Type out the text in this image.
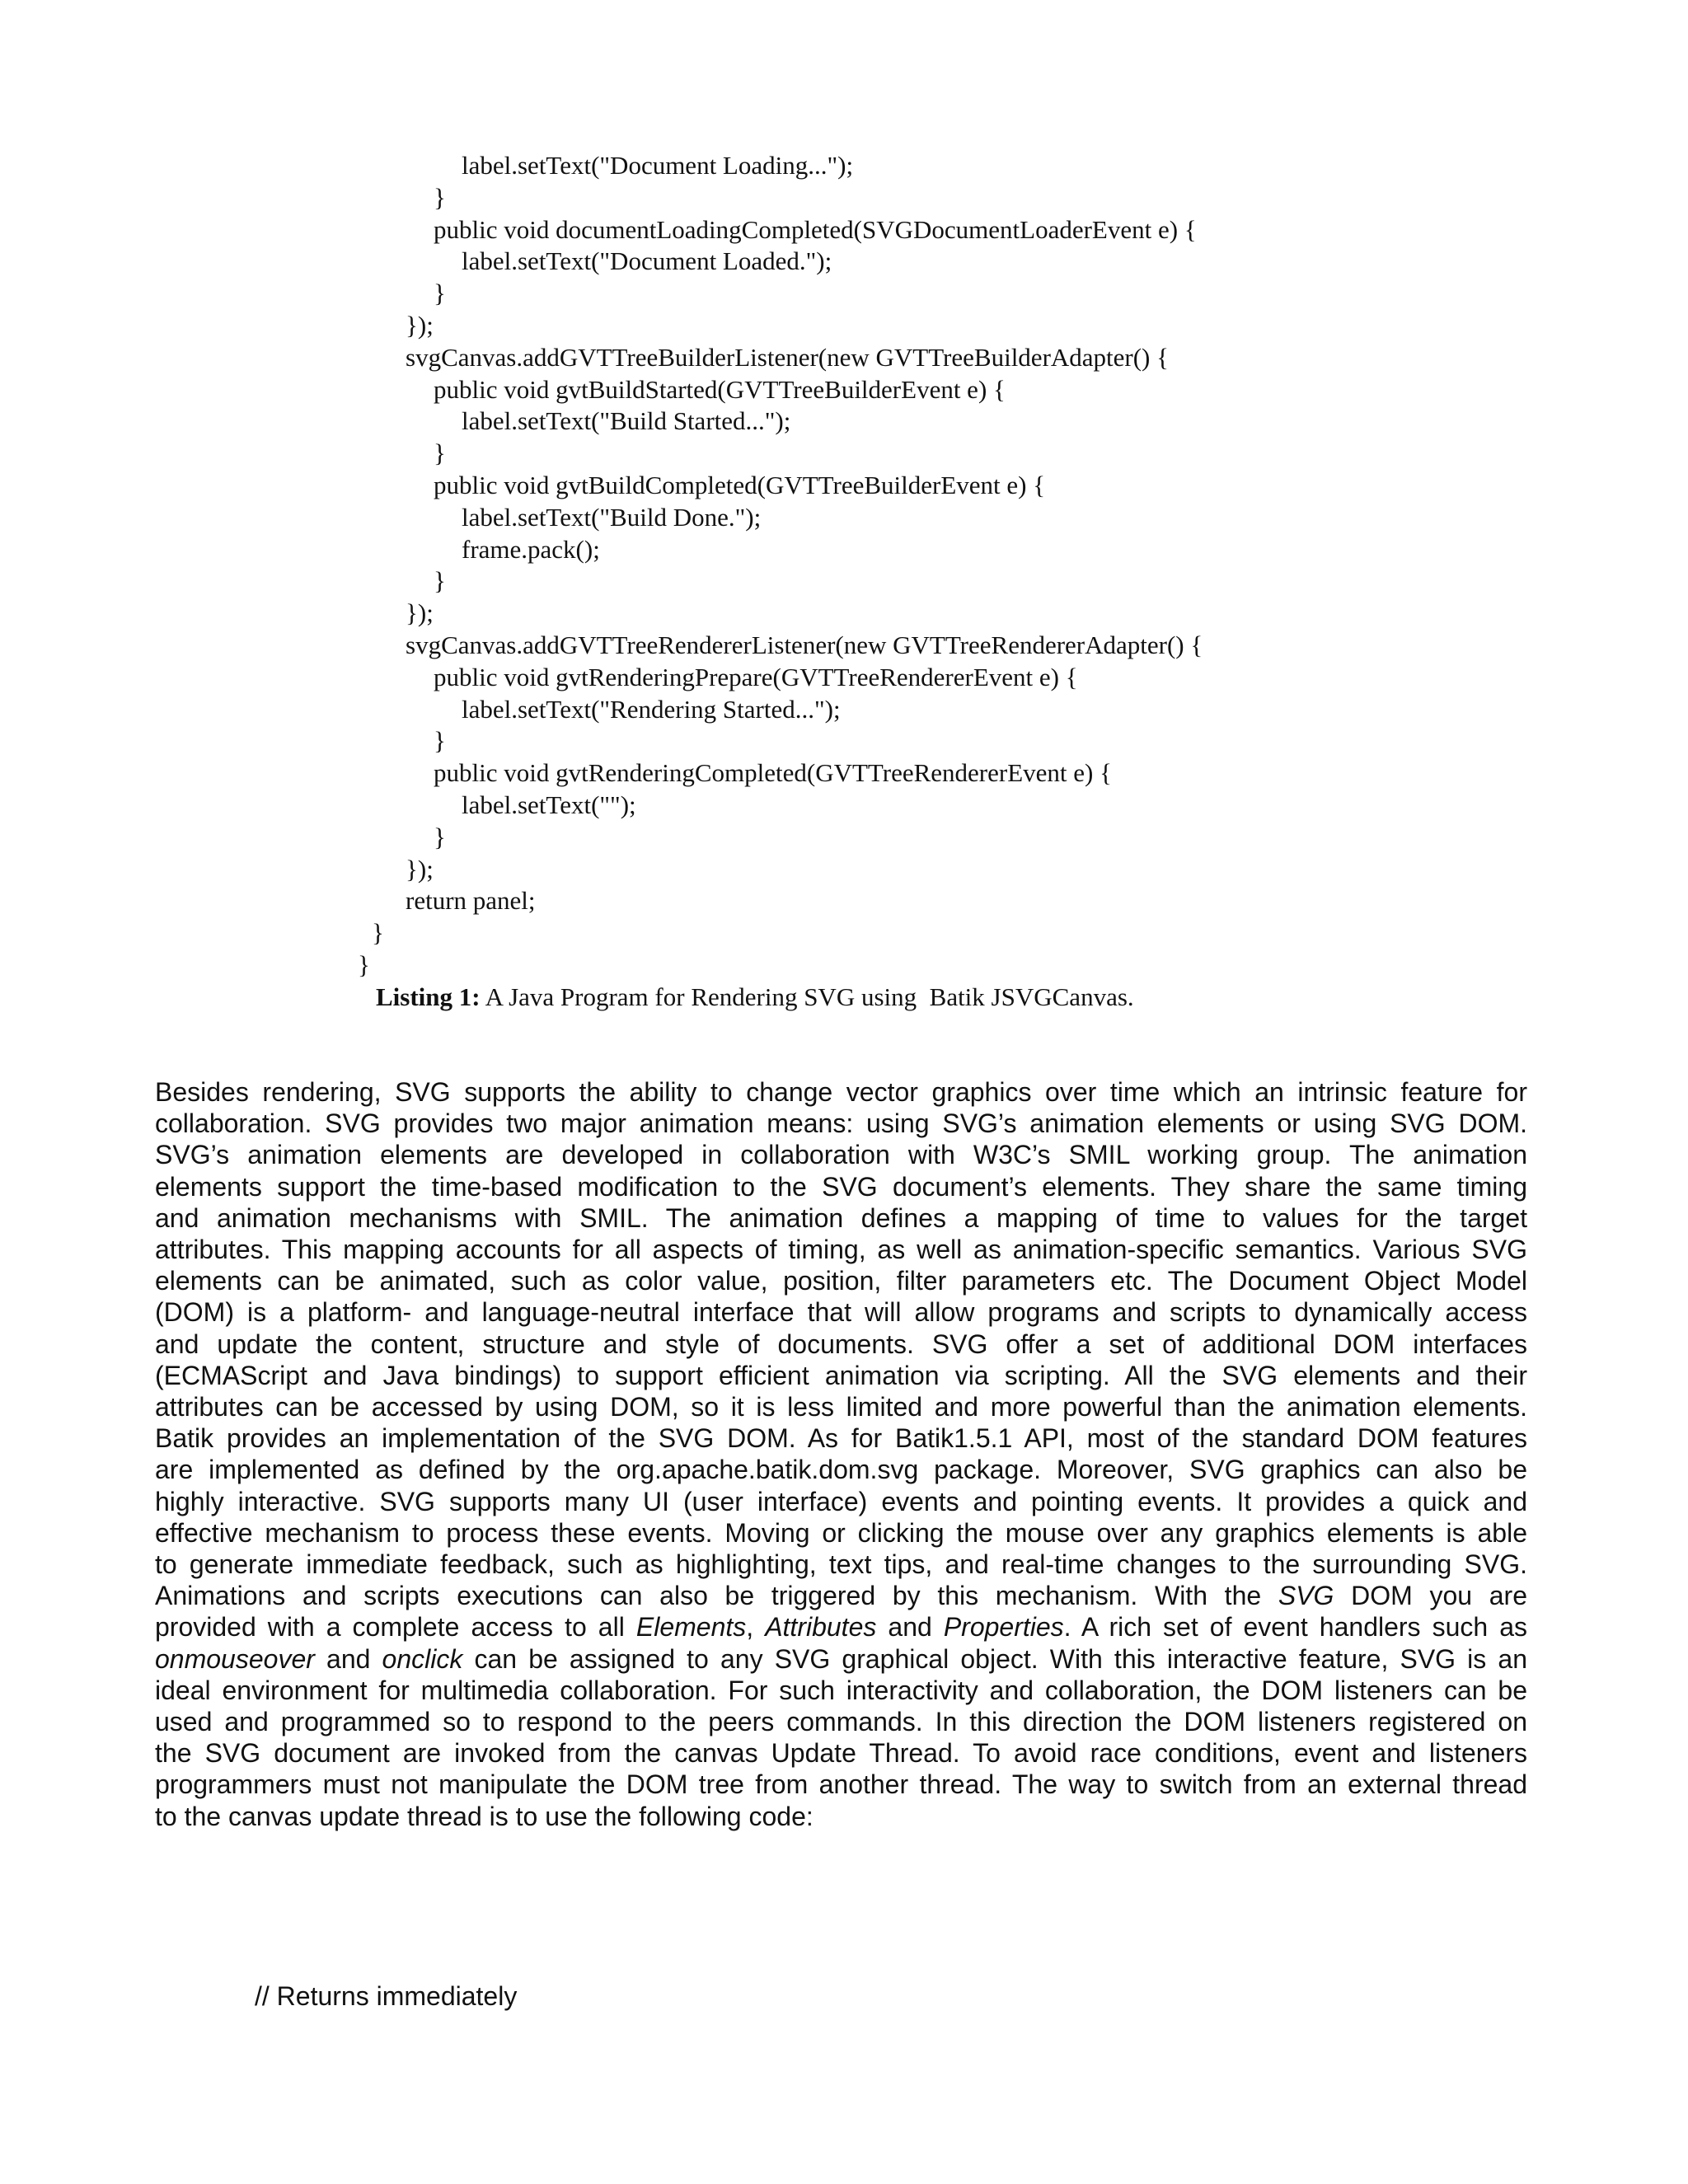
label.setText("Document Loading...");
}
public void documentLoadingCompleted(SVGDocumentLoaderEvent e) {
label.setText("Document Loaded.");
}
});
svgCanvas.addGVTTreeBuilderListener(new GVTTreeBuilderAdapter() {
public void gvtBuildStarted(GVTTreeBuilderEvent e) {
label.setText("Build Started...");
}
public void gvtBuildCompleted(GVTTreeBuilderEvent e) {
label.setText("Build Done.");
frame.pack();
}
});
svgCanvas.addGVTTreeRendererListener(new GVTTreeRendererAdapter() {
public void gvtRenderingPrepare(GVTTreeRendererEvent e) {
label.setText("Rendering Started...");
}
public void gvtRenderingCompleted(GVTTreeRendererEvent e) {
label.setText("");
}
});
return panel;
}
}
Listing 1: A Java Program for Rendering SVG using  Batik JSVGCanvas.
Besides rendering, SVG supports the ability to change vector graphics over time which an intrinsic feature for
collaboration. SVG provides two major animation means: using SVG’s animation elements or using SVG DOM.
SVG’s animation elements are developed in collaboration with W3C’s SMIL working group. The animation
elements support the time-based modification to the SVG document’s elements. They share the same timing
and animation mechanisms with SMIL. The animation defines a mapping of time to values for the target
attributes. This mapping accounts for all aspects of timing, as well as animation-specific semantics. Various SVG
elements can be animated, such as color value, position, filter parameters etc. The Document Object Model
(DOM) is a platform- and language-neutral interface that will allow programs and scripts to dynamically access
and update the content, structure and style of documents. SVG offer a set of additional DOM interfaces
(ECMAScript and Java bindings) to support efficient animation via scripting. All the SVG elements and their
attributes can be accessed by using DOM, so it is less limited and more powerful than the animation elements.
Batik provides an implementation of the SVG DOM. As for Batik1.5.1 API, most of the standard DOM features
are implemented as defined by the org.apache.batik.dom.svg package. Moreover, SVG graphics can also be
highly interactive. SVG supports many UI (user interface) events and pointing events. It provides a quick and
effective mechanism to process these events. Moving or clicking the mouse over any graphics elements is able
to generate immediate feedback, such as highlighting, text tips, and real-time changes to the surrounding SVG.
Animations and scripts executions can also be triggered by this mechanism. With the SVG DOM you are
provided with a complete access to all Elements, Attributes and Properties. A rich set of event handlers such as
onmouseover and onclick can be assigned to any SVG graphical object. With this interactive feature, SVG is an
ideal environment for multimedia collaboration. For such interactivity and collaboration, the DOM listeners can be
used and programmed so to respond to the peers commands. In this direction the DOM listeners registered on
the SVG document are invoked from the canvas Update Thread. To avoid race conditions, event and listeners
programmers must not manipulate the DOM tree from another thread. The way to switch from an external thread
to the canvas update thread is to use the following code:
// Returns immediately
